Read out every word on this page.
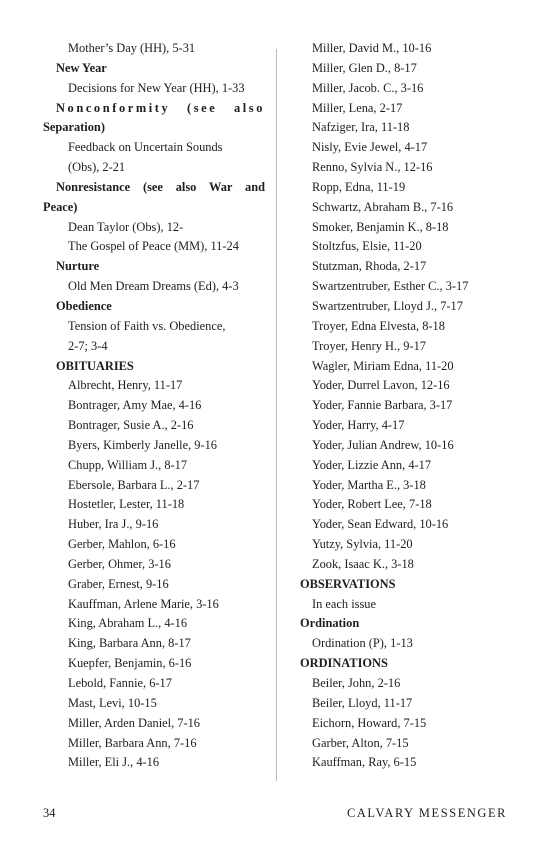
Mother’s Day (HH), 5-31
New Year
Decisions for New Year (HH), 1-33
Nonconformity (see also
Separation)
Feedback on Uncertain Sounds
(Obs), 2-21
Nonresistance (see also War and
Peace)
Dean Taylor (Obs), 12-
The Gospel of Peace (MM), 11-24
Nurture
Old Men Dream Dreams (Ed), 4-3
Obedience
Tension of Faith vs. Obedience,
2-7; 3-4
OBITUARIES
Albrecht, Henry, 11-17
Bontrager, Amy Mae, 4-16
Bontrager, Susie A., 2-16
Byers, Kimberly Janelle, 9-16
Chupp, William J., 8-17
Ebersole, Barbara L., 2-17
Hostetler, Lester, 11-18
Huber, Ira J., 9-16
Gerber, Mahlon, 6-16
Gerber, Ohmer, 3-16
Graber, Ernest, 9-16
Kauffman, Arlene Marie, 3-16
King, Abraham L., 4-16
King, Barbara Ann, 8-17
Kuepfer, Benjamin, 6-16
Lebold, Fannie, 6-17
Mast, Levi, 10-15
Miller, Arden Daniel, 7-16
Miller, Barbara Ann, 7-16
Miller, Eli J., 4-16
Miller, David M., 10-16
Miller, Glen D., 8-17
Miller, Jacob. C., 3-16
Miller, Lena, 2-17
Nafziger, Ira, 11-18
Nisly, Evie Jewel, 4-17
Renno, Sylvia N., 12-16
Ropp, Edna, 11-19
Schwartz, Abraham B., 7-16
Smoker, Benjamin K., 8-18
Stoltzfus, Elsie, 11-20
Stutzman, Rhoda, 2-17
Swartzentruber, Esther C., 3-17
Swartzentruber, Lloyd J., 7-17
Troyer, Edna Elvesta, 8-18
Troyer, Henry H., 9-17
Wagler, Miriam Edna, 11-20
Yoder, Durrel Lavon, 12-16
Yoder, Fannie Barbara, 3-17
Yoder, Harry, 4-17
Yoder, Julian Andrew, 10-16
Yoder, Lizzie Ann, 4-17
Yoder, Martha E., 3-18
Yoder, Robert Lee, 7-18
Yoder, Sean Edward, 10-16
Yutzy, Sylvia, 11-20
Zook, Isaac K., 3-18
OBSERVATIONS
In each issue
Ordination
Ordination (P), 1-13
ORDINATIONS
Beiler, John, 2-16
Beiler, Lloyd, 11-17
Eichorn, Howard, 7-15
Garber, Alton, 7-15
Kauffman, Ray, 6-15
34	CALVARY MESSENGER
